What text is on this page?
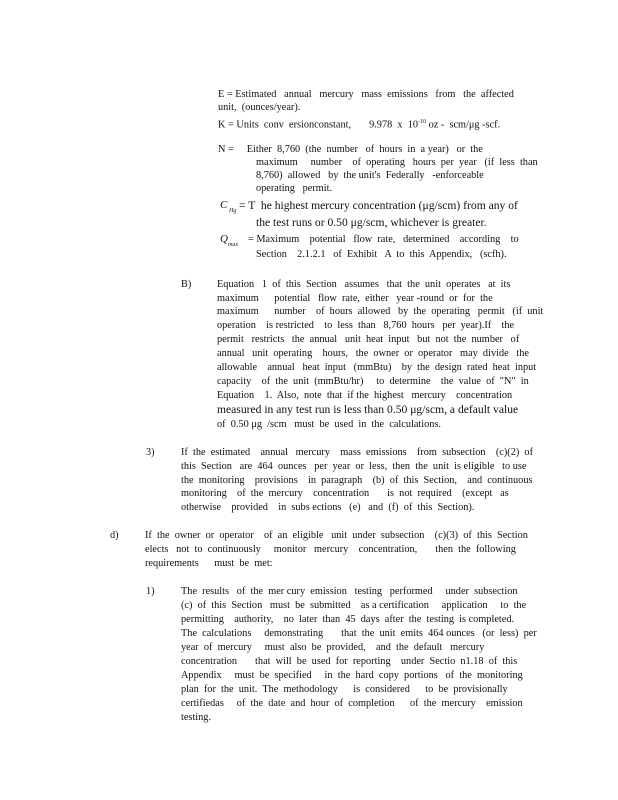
E = Estimated   annual   mercury   mass  emissions   from   the  affected
unit,  (ounces/year).
K = Units  conv  ersionconstant,       9.978  x  $10^{-10}$ oz -  scm/μg -scf.
N =     Either  8,760  (the  number   of  hours  in  a year)   or  the
maximum     number    of  operating   hours  per  year   (if  less  than
8,760)  allowed   by  the unit's  Federally   -enforceable
operating   permit.
C Hg = T  he highest mercury concentration (μg/scm) from any of
the test runs or 0.50 μg/scm, whichever is greater.
Q max = Maximum    potential   flow  rate,   determined    according    to
Section    2.1.2.1   of  Exhibit   A  to  this  Appendix,   (scfh).
B) Equation   1  of  this  Section   assumes   that  the  unit  operates   at  its
maximum      potential   flow  rate,  either   year -round  or  for  the
maximum      number    of  hours  allowed   by  the  operating   permit   (if  unit
operation    is restricted    to  less  than   8,760  hours   per  year).If    the
permit   restricts   the  annual   unit  heat  input   but  not  the  number   of
annual   unit  operating    hours,   the  owner  or  operator   may  divide   the
allowable    annual   heat  input   (mmBtu)    by  the  design  rated  heat  input
capacity    of  the  unit  (mmBtu/hr)     to  determine    the  value  of  "N"  in
Equation    1.  Also,  note  that  if the  highest   mercury    concentration
measured in any test run is less than 0.50 μg/scm, a default value
of  0.50 μg  /scm   must  be  used  in  the  calculations.
3)	If  the  estimated    annual   mercury    mass  emissions    from  subsection    (c)(2)  of
this  Section   are  464  ounces   per  year  or  less,  then  the  unit  is eligible   to use
the  monitoring    provisions    in  paragraph    (b)  of  this  Section,    and  continuous
monitoring    of  the  mercury    concentration       is  not  required    (except   as
otherwise    provided    in  subs ections   (e)   and  (f)  of  this  Section).
d)	If  the  owner  or  operator    of  an  eligible   unit  under  subsection    (c)(3)  of  this  Section
elects   not  to  continuously     monitor   mercury    concentration,       then  the  following
requirements      must  be  met:
1)	The  results   of  the  mer cury  emission   testing   performed     under  subsection
(c)  of  this  Section   must  be  submitted    as a certification     application     to  the
permitting    authority,    no  later  than  45  days  after  the  testing  is completed.
The  calculations     demonstrating       that  the  unit  emits  464 ounces   (or  less)  per
year  of  mercury     must  also  be  provided,    and  the  default   mercury
concentration       that  will  be  used  for  reporting    under  Sectio  n1.18  of  this
Appendix     must  be  specified     in  the  hard  copy  portions   of  the  monitoring
plan  for  the  unit.  The  methodology      is  considered      to  be  provisionally
certifiedas     of  the  date  and  hour  of  completion      of  the  mercury    emission
testing.
